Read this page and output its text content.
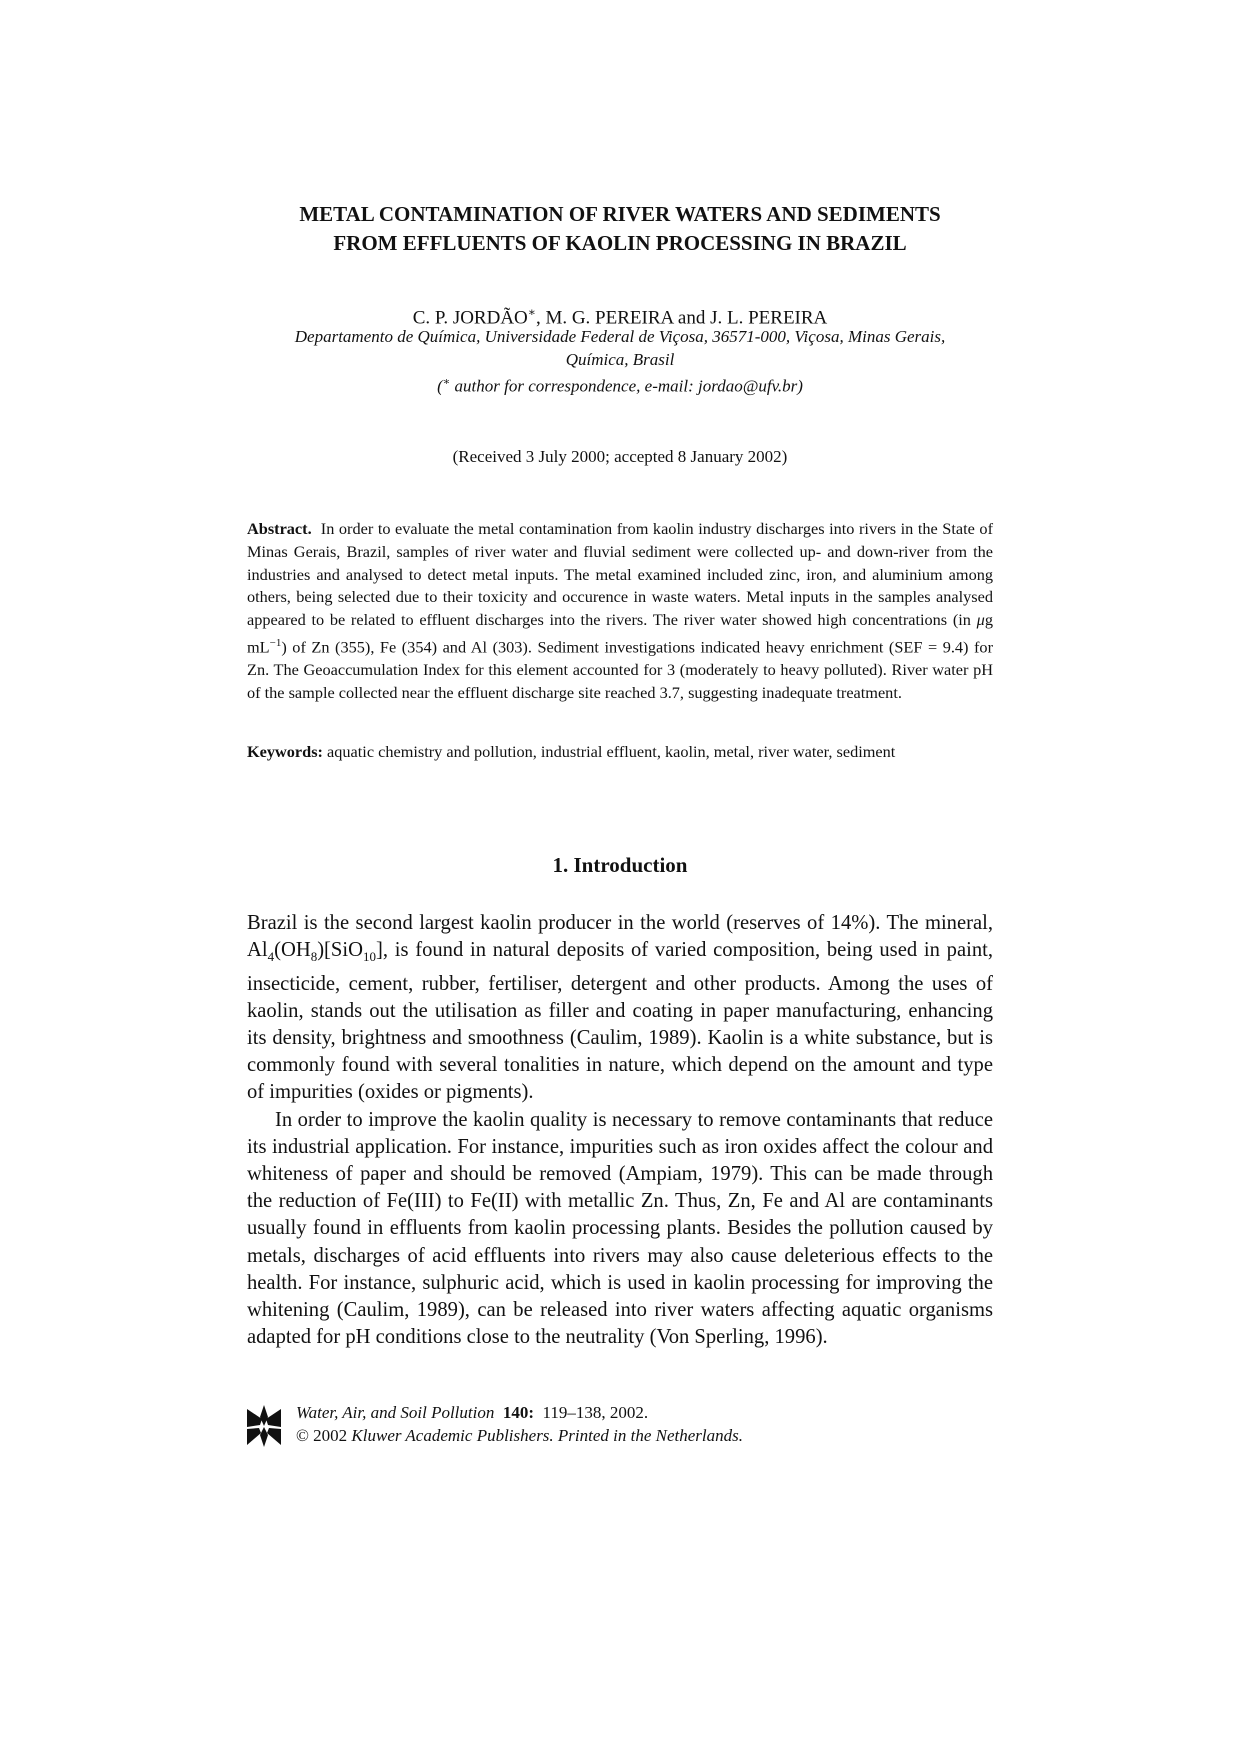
METAL CONTAMINATION OF RIVER WATERS AND SEDIMENTS
FROM EFFLUENTS OF KAOLIN PROCESSING IN BRAZIL
C. P. JORDÃO∗, M. G. PEREIRA and J. L. PEREIRA
Departamento de Química, Universidade Federal de Viçosa, 36571-000, Viçosa, Minas Gerais,
Química, Brasil
(∗ author for correspondence, e-mail: jordao@ufv.br)
(Received 3 July 2000; accepted 8 January 2002)
Abstract. In order to evaluate the metal contamination from kaolin industry discharges into rivers in the State of Minas Gerais, Brazil, samples of river water and fluvial sediment were collected up- and down-river from the industries and analysed to detect metal inputs. The metal examined included zinc, iron, and aluminium among others, being selected due to their toxicity and occurence in waste waters. Metal inputs in the samples analysed appeared to be related to effluent discharges into the rivers. The river water showed high concentrations (in μg $mL^{-1}$) of Zn (355), Fe (354) and Al (303). Sediment investigations indicated heavy enrichment (SEF = 9.4) for Zn. The Geoaccumulation Index for this element accounted for 3 (moderately to heavy polluted). River water pH of the sample collected near the effluent discharge site reached 3.7, suggesting inadequate treatment.
Keywords: aquatic chemistry and pollution, industrial effluent, kaolin, metal, river water, sediment
1. Introduction

Brazil is the second largest kaolin producer in the world (reserves of 14%). The mineral, $Al_4(OH_8)[SiO_{10}]$, is found in natural deposits of varied composition, being used in paint, insecticide, cement, rubber, fertiliser, detergent and other products. Among the uses of kaolin, stands out the utilisation as filler and coating in paper manufacturing, enhancing its density, brightness and smoothness (Caulim, 1989). Kaolin is a white substance, but is commonly found with several tonalities in nature, which depend on the amount and type of impurities (oxides or pigments).

In order to improve the kaolin quality is necessary to remove contaminants that reduce its industrial application. For instance, impurities such as iron oxides affect the colour and whiteness of paper and should be removed (Ampiam, 1979). This can be made through the reduction of Fe(III) to Fe(II) with metallic Zn. Thus, Zn, Fe and Al are contaminants usually found in effluents from kaolin processing plants. Besides the pollution caused by metals, discharges of acid effluents into rivers may also cause deleterious effects to the health. For instance, sulphuric acid, which is used in kaolin processing for improving the whitening (Caulim, 1989), can be released into river waters affecting aquatic organisms adapted for pH conditions close to the neutrality (Von Sperling, 1996).

Water, Air, and Soil Pollution 140: 119–138, 2002.
© 2002 Kluwer Academic Publishers. Printed in the Netherlands.
